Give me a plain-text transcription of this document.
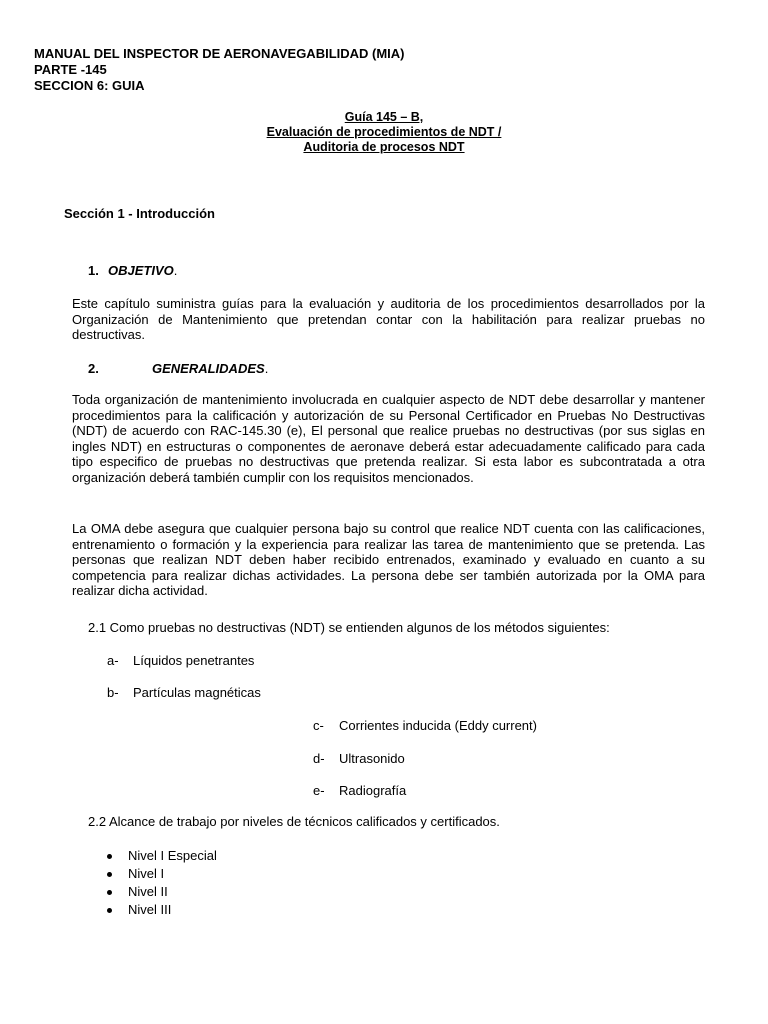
MANUAL DEL INSPECTOR DE AERONAVEGABILIDAD (MIA)
PARTE -145
SECCION 6: GUIA
Guía 145 – B,
Evaluación de procedimientos de NDT /
Auditoria de procesos NDT
Sección 1 - Introducción
1. OBJETIVO.

Este capítulo suministra guías para la evaluación y auditoria de los procedimientos desarrollados por la Organización de Mantenimiento que pretendan contar con la habilitación para realizar pruebas no destructivas.

2.	GENERALIDADES.

Toda organización de mantenimiento involucrada en cualquier aspecto de NDT debe desarrollar y mantener procedimientos para la calificación y autorización de su Personal Certificador en Pruebas No Destructivas (NDT) de acuerdo con RAC-145.30 (e), El personal que realice pruebas no destructivas (por sus siglas en ingles NDT) en estructuras o componentes de aeronave deberá estar adecuadamente calificado para cada tipo especifico de pruebas no destructivas que pretenda realizar. Si esta labor es subcontratada a otra organización deberá también cumplir con los requisitos mencionados.

La OMA debe asegura que cualquier persona bajo su control que realice NDT cuenta con las calificaciones, entrenamiento o formación y la experiencia para realizar las tarea de mantenimiento que se pretenda. Las personas que realizan NDT deben haber recibido entrenados, examinado y evaluado en cuanto a su competencia para realizar dichas actividades. La persona debe ser también autorizada por la OMA para realizar dicha actividad.

2.1 Como pruebas no destructivas (NDT) se entienden algunos de los métodos siguientes:
a- Líquidos penetrantes
b- Partículas magnéticas
c- Corrientes inducida (Eddy current)
d- Ultrasonido
e- Radiografía
2.2 Alcance de trabajo por niveles de técnicos calificados y certificados.
Nivel I Especial
Nivel I
Nivel II
Nivel III
